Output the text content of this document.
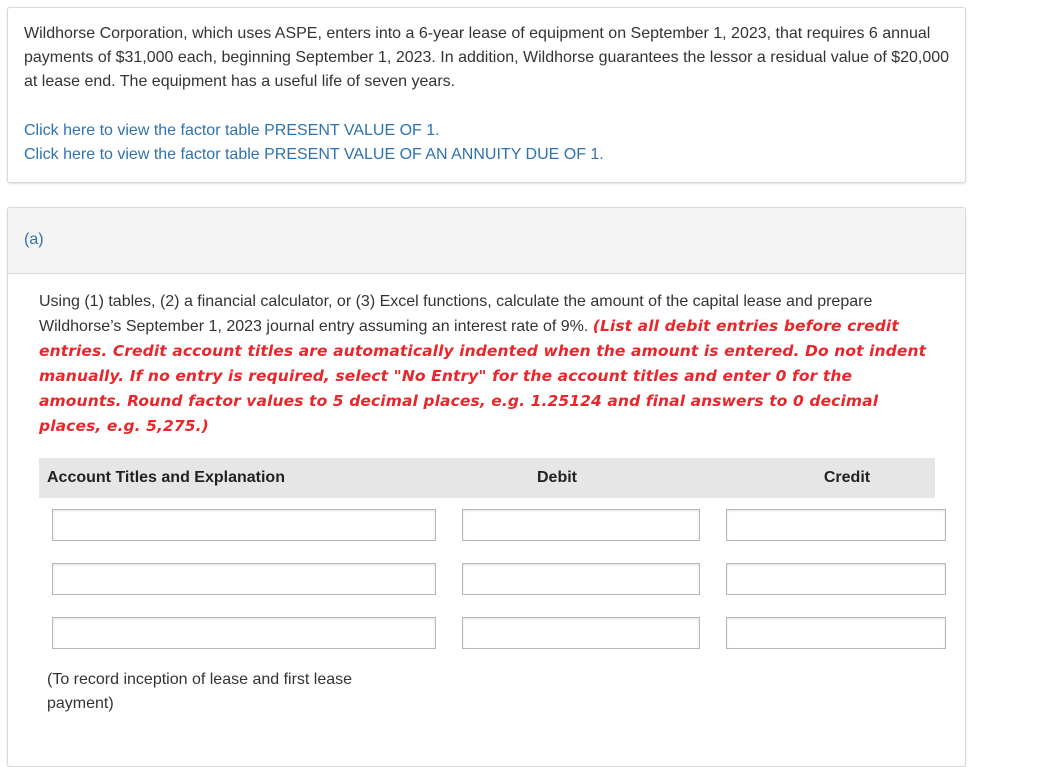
Wildhorse Corporation, which uses ASPE, enters into a 6-year lease of equipment on September 1, 2023, that requires 6 annual payments of $31,000 each, beginning September 1, 2023. In addition, Wildhorse guarantees the lessor a residual value of $20,000 at lease end. The equipment has a useful life of seven years.
Click here to view the factor table PRESENT VALUE OF 1.
Click here to view the factor table PRESENT VALUE OF AN ANNUITY DUE OF 1.
(a)
Using (1) tables, (2) a financial calculator, or (3) Excel functions, calculate the amount of the capital lease and prepare Wildhorse’s September 1, 2023 journal entry assuming an interest rate of 9%. (List all debit entries before credit entries. Credit account titles are automatically indented when the amount is entered. Do not indent manually. If no entry is required, select "No Entry" for the account titles and enter 0 for the amounts. Round factor values to 5 decimal places, e.g. 1.25124 and final answers to 0 decimal places, e.g. 5,275.)
Account Titles and Explanation	Debit	Credit
(To record inception of lease and first lease payment)
